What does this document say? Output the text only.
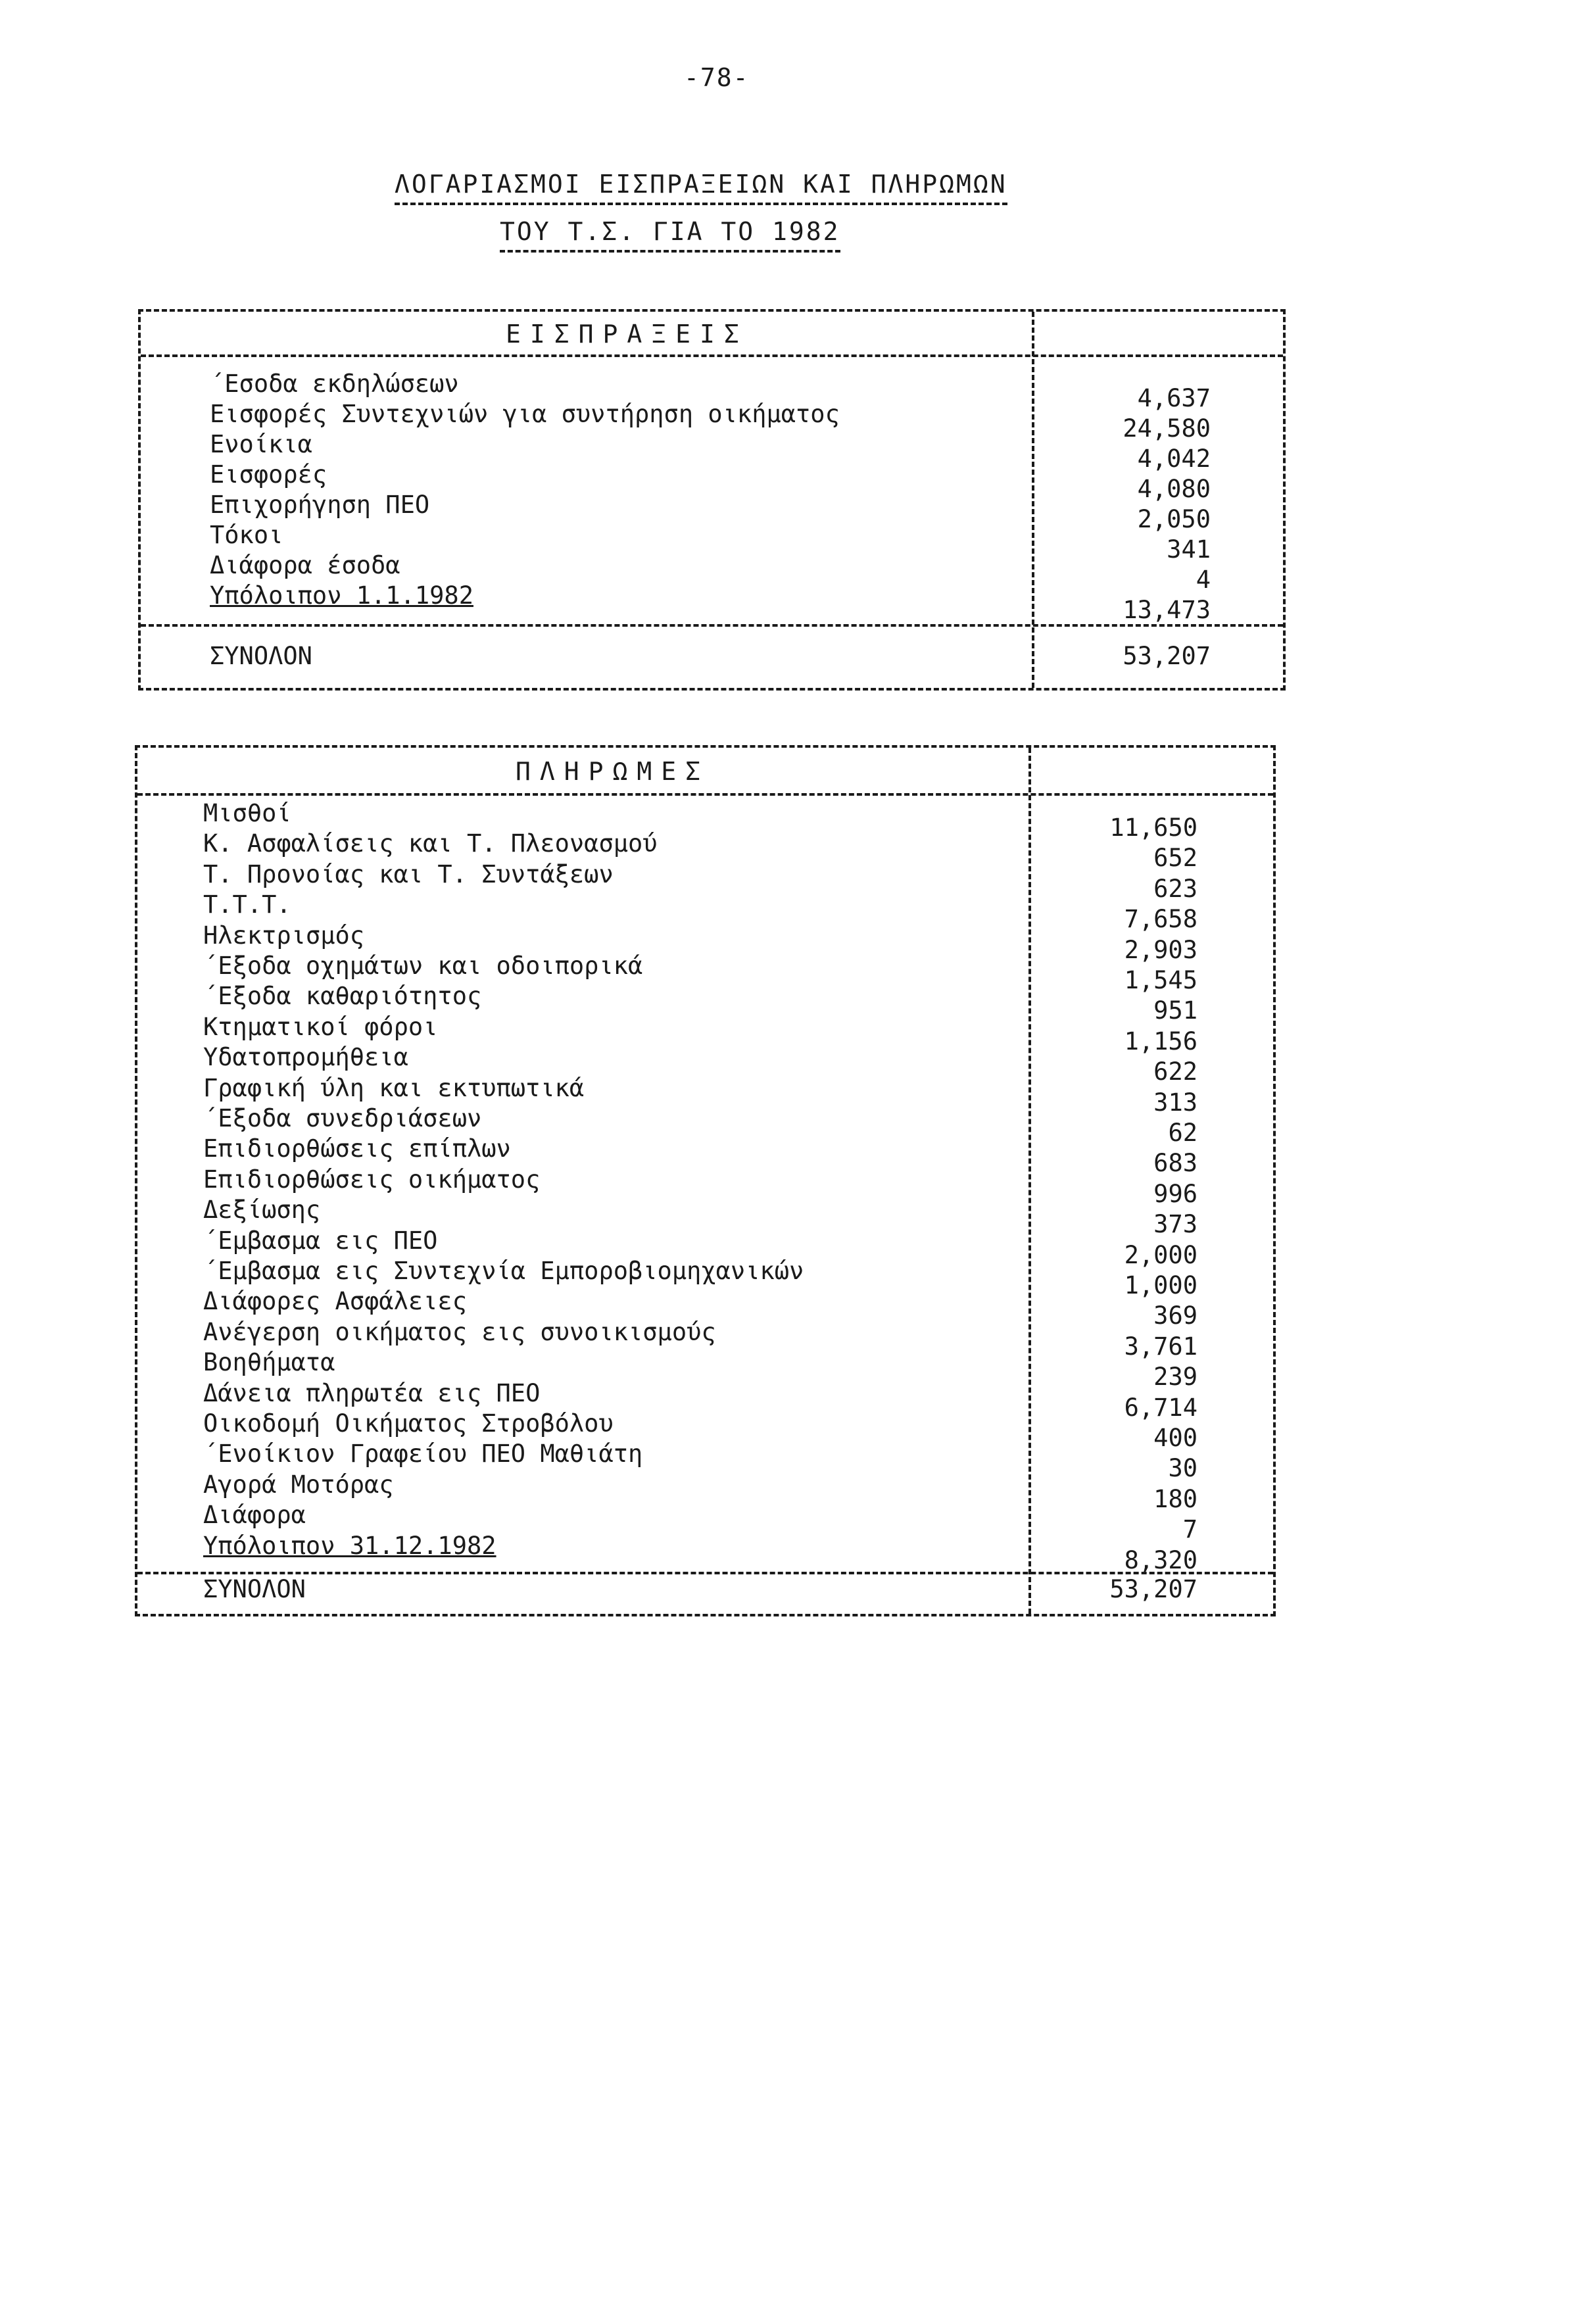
-78-
ΛΟΓΑΡΙΑΣΜΟΙ ΕΙΣΠΡΑΞΕΙΩΝ ΚΑΙ ΠΛΗΡΩΜΩΝ
ΤΟΥ Τ.Σ. ΓΙΑ ΤΟ 1982
ΕΙΣΠΡΑΞΕΙΣ
΄Εσοδα εκδηλώσεων
4,637
Εισφορές Συντεχνιών για συντήρηση οικήματος
24,580
Ενοίκια
4,042
Εισφορές
4,080
Επιχορήγηση ΠΕΟ
2,050
Τόκοι
341
Διάφορα έσοδα
4
Υπόλοιπον 1.1.1982
13,473
ΣΥΝΟΛΟΝ	53,207
ΠΛΗΡΩΜΕΣ
Μισθοί
11,650
Κ. Ασφαλίσεις και Τ. Πλεονασμού
652
Τ. Προνοίας και Τ. Συντάξεων
623
Τ.Τ.Τ.
7,658
Ηλεκτρισμός
2,903
΄Εξοδα οχημάτων και οδοιπορικά
1,545
΄Εξοδα καθαριότητος
951
Κτηματικοί φόροι
1,156
Υδατοπρομήθεια
622
Γραφική ύλη και εκτυπωτικά
313
΄Εξοδα συνεδριάσεων
62
Επιδιορθώσεις επίπλων
683
Επιδιορθώσεις οικήματος
996
Δεξίωσης
373
΄Εμβασμα εις ΠΕΟ
2,000
΄Εμβασμα εις Συντεχνία Εμποροβιομηχανικών
1,000
Διάφορες Ασφάλειες
369
Ανέγερση οικήματος εις συνοικισμούς
3,761
Βοηθήματα
239
Δάνεια πληρωτέα εις ΠΕΟ
6,714
Οικοδομή Οικήματος Στροβόλου
400
΄Ενοίκιον Γραφείου ΠΕΟ Μαθιάτη
30
Αγορά Μοτόρας
180
Διάφορα
7
Υπόλοιπον 31.12.1982
8,320
ΣΥΝΟΛΟΝ	53,207
